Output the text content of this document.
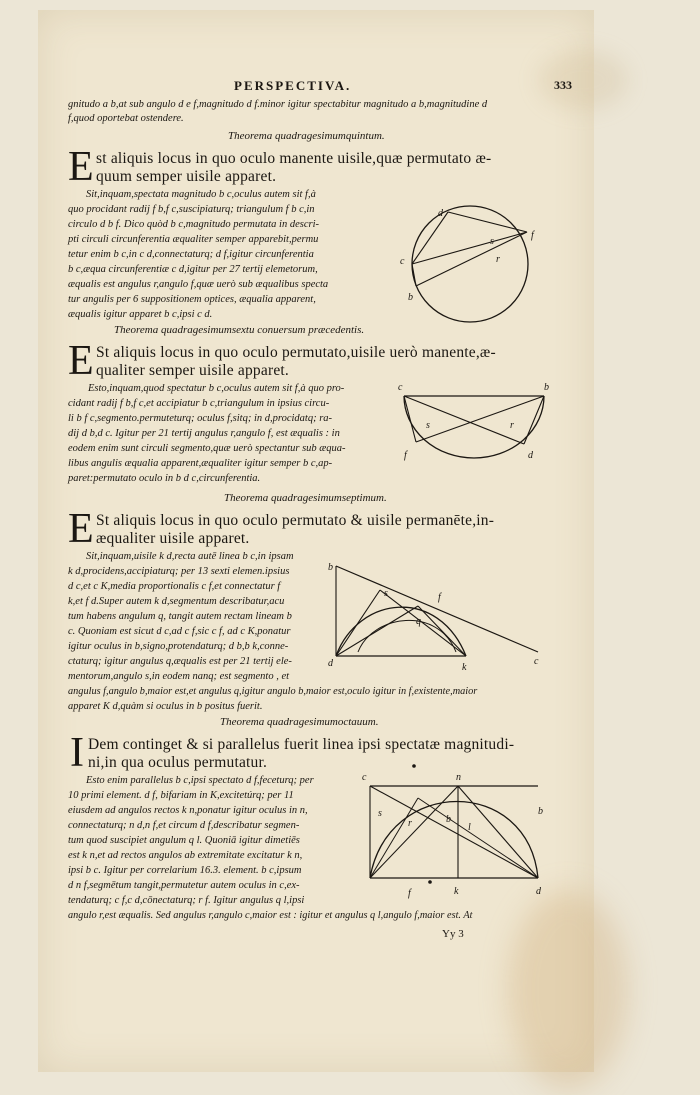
PERSPECTIVA.	333
gnitudo a b,at sub angulo d e f,magnitudo d f.minor igitur spectabitur magnitudo a b,magnitudine d
f,quod oportebat ostendere.
Theorema quadragesimumquintum.
E st aliquis locus in quo oculo manente uisile,quæ permutato æ-
quum semper uisile apparet.
Sit,inquam,spectata magnitudo b c,oculus autem sit f,à
quo procidant radij f b,f c,suscipiaturq; triangulum f b c,in
circulo d b f. Dico quòd b c,magnitudo permutata in descri-
pti circuli circunferentia æqualiter semper apparebit,permu
tetur enim b c,in c d,connectaturq; d f,igitur circunferentia
b c,æqua circunferentiæ c d,igitur per 27 tertij elemetorum,
æqualis est angulus r,angulo f,quæ uerò sub æqualibus specta
tur angulis per 6 suppositionem optices, æqualia apparent,
æqualis igitur apparet b c,ipsi c d.
d
c
b
f
s
r
Theorema quadragesimumsextu conuersum præcedentis.
E St aliquis locus in quo oculo permutato,uisile uerò manente,æ-
qualiter semper uisile apparet.
Esto,inquam,quod spectatur b c,oculus autem sit f,à quo pro-
cidant radij f b,f c,et accipiatur b c,triangulum in ipsius circu-
li b f c,segmento.permuteturq; oculus f,sitq; in d,procidatq; ra-
dij d b,d c. Igitur per 21 tertij angulus r,angulo f, est æqualis : in
eodem enim sunt circuli segmento,quæ uerò spectantur sub æqua-
libus angulis æqualia apparent,æqualiter igitur semper b c,ap-
paret:permutato oculo in b d c,circunferentia.
c	b
f	d
s	r
Theorema quadragesimumseptimum.
E St aliquis locus in quo oculo permutato & uisile permanēte,in-
æqualiter uisile apparet.
Sit,inquam,uisile k d,recta autē linea b c,in ipsam
k d,procidens,accipiaturq; per 13 sexti elemen.ipsius
d c,et c K,media proportionalis c f,et connectatur f
k,et f d.Super autem k d,segmentum describatur,acu
tum habens angulum q, tangit autem rectam lineam b
c. Quoniam est sicut d c,ad c f,sic c f, ad c K,ponatur
igitur oculus in b,signo,protendaturq; d b,b k,conne-
ctaturq; igitur angulus q,æqualis est per 21 tertij ele-
mentorum,angulo s,in eodem nanq; est segmento , et
angulus f,angulo b,maior est,et angulus q,igitur angulo b,maior est,oculo igitur in f,existente,maior
apparet K d,quàm si oculus in b positus fuerit.
b
c
s	f
q
d	k
Theorema quadragesimumoctauum.
I Dem continget & si parallelus fuerit linea ipsi spectatæ magnitudi-
ni,in qua oculus permutatur.
Esto enim parallelus b c,ipsi spectato d f,feceturq; per
10 primi element. d f, bifariam in K,excitetúrq; per 11
eiusdem ad angulos rectos k n,ponatur igitur oculus in n,
connectaturq; n d,n f,et circum d f,describatur segmen-
tum quod suscipiet angulum q l. Quoniā igitur dimetiēs
est k n,et ad rectos angulos ab extremitate excitatur k n,
ipsi b c. Igitur per correlarium 16.3. element. b c,ipsum
d n f,segmētum tangit,permutetur autem oculus in c,ex-
tendaturq; c f,c d,cōnectaturq; r f. Igitur angulus q l,ipsi
angulo r,est æqualis. Sed angulus r,angulo c,maior est : igitur et angulus q l,angulo f,maior est. At
c	n
b
s
r	l
b
f	k	d
Yy 3
